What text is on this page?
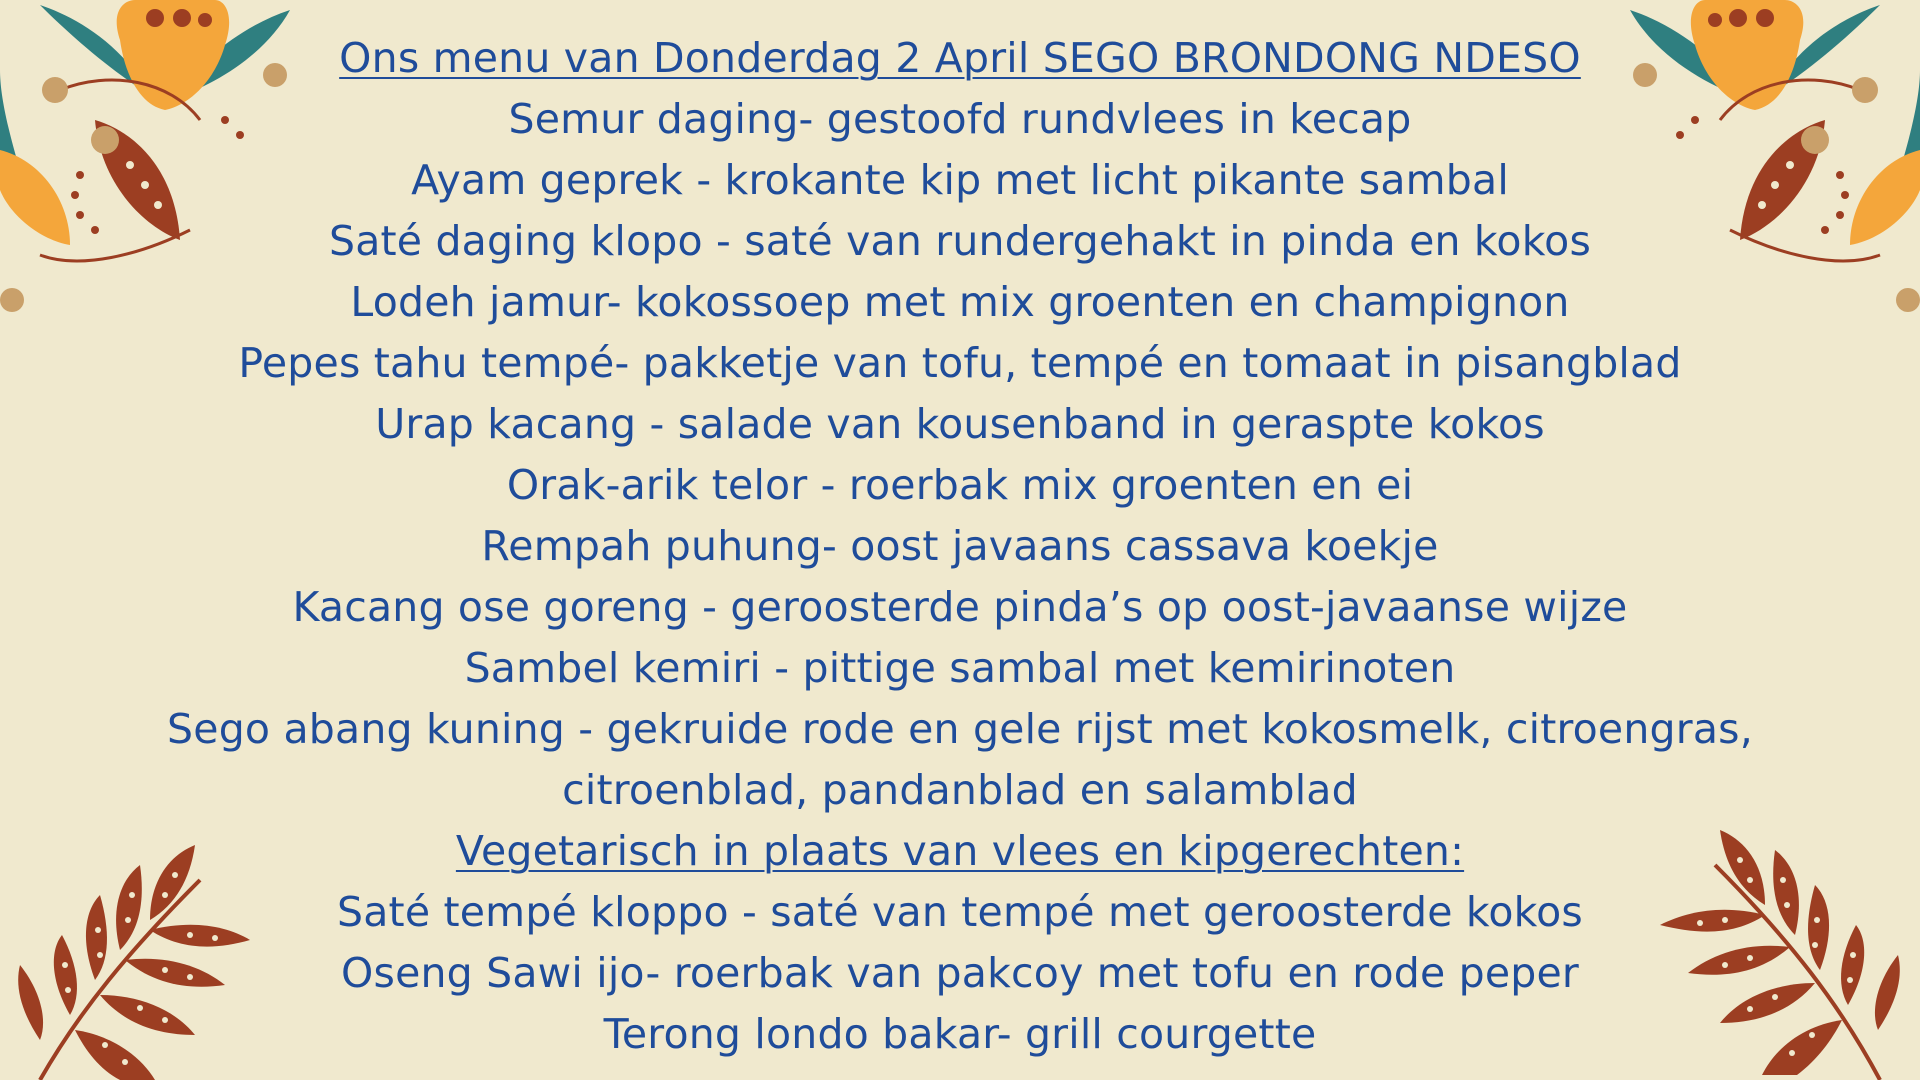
Ons menu van Donderdag 2 April SEGO BRONDONG NDESO
Semur daging- gestoofd rundvlees in kecap
Ayam geprek - krokante kip met licht pikante sambal
Saté daging klopo - saté van rundergehakt in pinda en kokos
Lodeh jamur- kokossoep met mix groenten en champignon
Pepes tahu tempé- pakketje van tofu, tempé en tomaat in pisangblad
Urap kacang - salade van kousenband in geraspte kokos
Orak-arik telor - roerbak mix groenten en ei
Rempah puhung- oost javaans cassava koekje
Kacang ose goreng - geroosterde pinda’s op oost-javaanse wijze
Sambel kemiri - pittige sambal met kemirinoten
Sego abang kuning - gekruide rode en gele rijst met kokosmelk, citroengras,
citroenblad, pandanblad en salamblad
Vegetarisch in plaats van vlees en kipgerechten:
Saté tempé kloppo - saté van tempé met geroosterde kokos
Oseng Sawi ijo- roerbak van pakcoy met tofu en rode peper
Terong londo bakar- grill courgette
